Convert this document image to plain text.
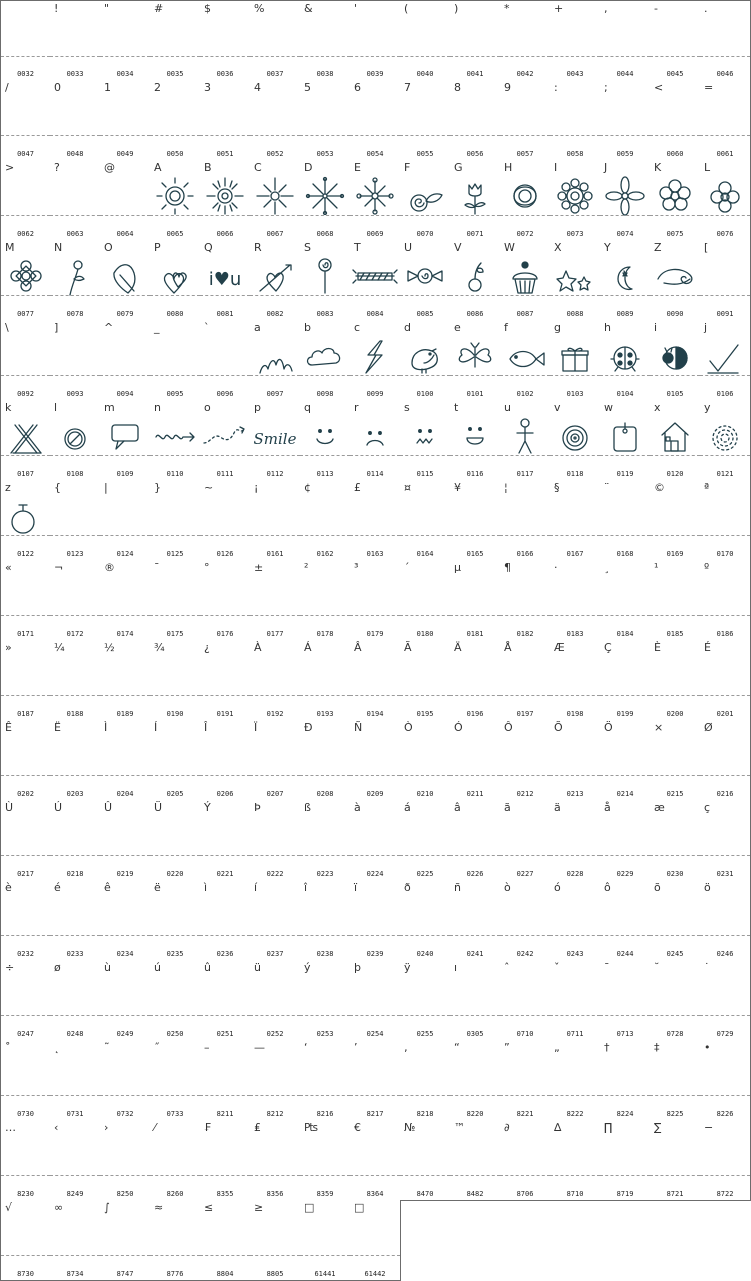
0032
!
0033
"
0034
#
0035
$
0036
%
0037
&
0038
'
0039
(
0040
)
0041
*
0042
+
0043
,
0044
-
0045
.
0046
/
0047
0
0048
1
0049
2
0050
3
0051
4
0052
5
0053
6
0054
7
0055
8
0056
9
0057
:
0058
;
0059
<
0060
=
0061
>
0062
?
0063
@
0064
A
0065
B
0066
C
0067
D
0068
E
0069
F
0070
G
0071
H
0072
I
0073
J
0074
K
0075
L
0076
M
0077
N
0078
O
0079
P
0080
Q
i♥u
0081
R
0082
S
0083
T
0084
U
0085
V
0086
W
0087
X
0088
Y
0089
Z
0090
[
0091
\
0092
]
0093
^
0094
_
0095
`
0096
a
0097
b
0098
c
0099
d
0100
e
0101
f
0102
g
0103
h
0104
i
0105
j
0106
k
0107
l
0108
m
0109
n
0110
o
0111
p
Smile
0112
q
0113
r
0114
s
0115
t
0116
u
0117
v
0118
w
0119
x
0120
y
0121
z
0122
{
0123
|
0124
}
0125
~
0126
¡
0161
¢
0162
£
0163
¤
0164
¥
0165
¦
0166
§
0167
¨
0168
©
0169
ª
0170
«
0171
¬
0172
®
0174
¯
0175
°
0176
±
0177
²
0178
³
0179
´
0180
µ
0181
¶
0182
·
0183
¸
0184
¹
0185
º
0186
»
0187
¼
0188
½
0189
¾
0190
¿
0191
À
0192
Á
0193
Â
0194
Ã
0195
Ä
0196
Å
0197
Æ
0198
Ç
0199
È
0200
É
0201
Ê
0202
Ë
0203
Ì
0204
Í
0205
Î
0206
Ï
0207
Ð
0208
Ñ
0209
Ò
0210
Ó
0211
Ô
0212
Õ
0213
Ö
0214
×
0215
Ø
0216
Ù
0217
Ú
0218
Û
0219
Ü
0220
Ý
0221
Þ
0222
ß
0223
à
0224
á
0225
â
0226
ã
0227
ä
0228
å
0229
æ
0230
ç
0231
è
0232
é
0233
ê
0234
ë
0235
ì
0236
í
0237
î
0238
ï
0239
ð
0240
ñ
0241
ò
0242
ó
0243
ô
0244
õ
0245
ö
0246
÷
0247
ø
0248
ù
0249
ú
0250
û
0251
ü
0252
ý
0253
þ
0254
ÿ
0255
ı
0305
ˆ
0710
ˇ
0711
ˉ
0713
˘
0728
˙
0729
˚
0730
˛
0731
˜
0732
˝
0733
–
8211
—
8212
‘
8216
’
8217
‚
8218
“
8220
”
8221
„
8222
†
8224
‡
8225
•
8226
…
8230
‹
8249
›
8250
⁄
8260
₣
8355
₤
8356
₧
8359
€
8364
№
8470
™
8482
∂
8706
∆
8710
∏
8719
∑
8721
−
8722
√
8730
∞
8734
∫
8747
≈
8776
≤
8804
≥
8805
□
61441
□
61442
